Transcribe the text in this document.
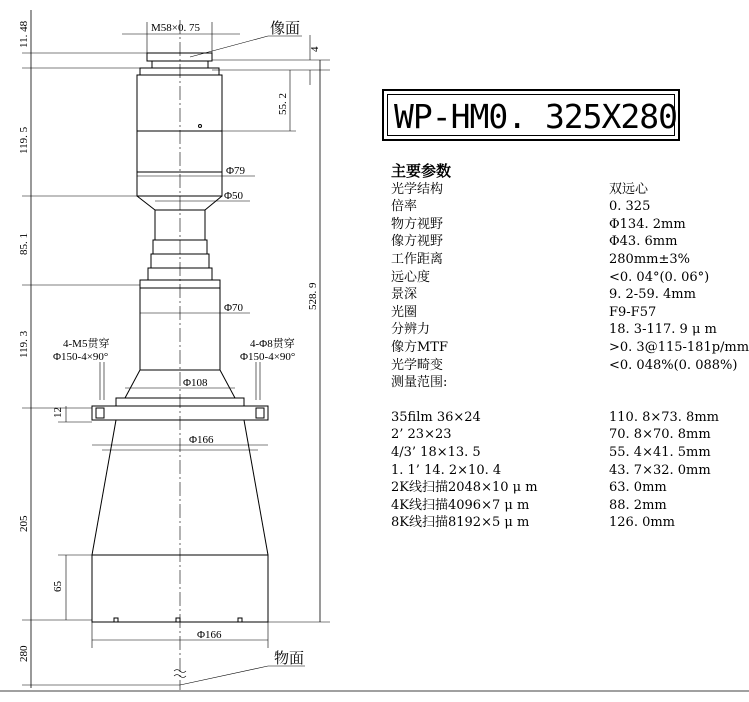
11. 48
119. 5
85. 1
119. 3
12
205
65
280
4
55. 2
528. 9
M58×0. 75	像面
物面
Φ79
Φ50
Φ70
Φ108
Φ166
Φ166
4-M5贯穿
Φ150-4×90°
4-Φ8贯穿
Φ150-4×90°
WP-HM0. 325X280
主要参数
光学结构	双远心
倍率	0. 325
物方视野	Φ134. 2mm
像方视野	Φ43. 6mm
工作距离	280mm±3%
远心度	<0. 04°(0. 06°)
景深	9. 2-59. 4mm
光圈	F9-F57
分辨力	18. 3-117. 9 μ m
像方MTF	>0. 3@115-181p/mm
光学畸变	<0. 048%(0. 088%)
测量范围:
35film 36×24	110. 8×73. 8mm
2’ 23×23	70. 8×70. 8mm
4/3’ 18×13. 5	55. 4×41. 5mm
1. 1’ 14. 2×10. 4	43. 7×32. 0mm
2K线扫描2048×10 μ m	63. 0mm
4K线扫描4096×7 μ m	88. 2mm
8K线扫描8192×5 μ m	126. 0mm
